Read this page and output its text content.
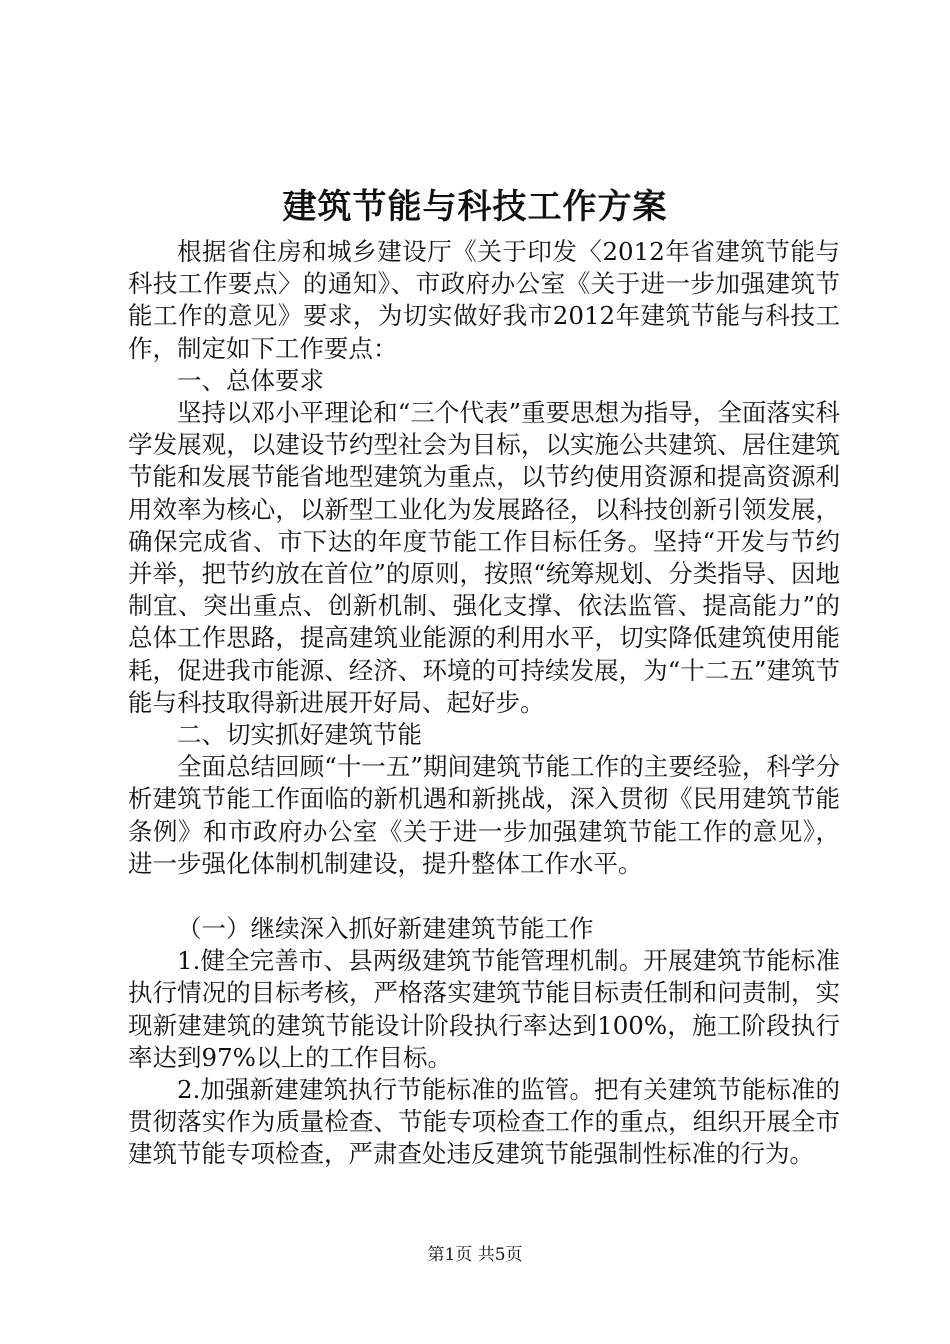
建筑节能与科技工作方案

根据省住房和城乡建设厅《关于印发〈2012年省建筑节能与科技工作要点〉的通知》、市政府办公室《关于进一步加强建筑节能工作的意见》要求，为切实做好我市2012年建筑节能与科技工作，制定如下工作要点：

一、总体要求

坚持以邓小平理论和“三个代表”重要思想为指导，全面落实科学发展观，以建设节约型社会为目标，以实施公共建筑、居住建筑节能和发展节能省地型建筑为重点，以节约使用资源和提高资源利用效率为核心，以新型工业化为发展路径，以科技创新引领发展，确保完成省、市下达的年度节能工作目标任务。坚持“开发与节约并举，把节约放在首位”的原则，按照“统筹规划、分类指导、因地制宜、突出重点、创新机制、强化支撑、依法监管、提高能力”的总体工作思路，提高建筑业能源的利用水平，切实降低建筑使用能耗，促进我市能源、经济、环境的可持续发展，为“十二五”建筑节能与科技取得新进展开好局、起好步。

二、切实抓好建筑节能

全面总结回顾“十一五”期间建筑节能工作的主要经验，科学分析建筑节能工作面临的新机遇和新挑战，深入贯彻《民用建筑节能条例》和市政府办公室《关于进一步加强建筑节能工作的意见》，进一步强化体制机制建设，提升整体工作水平。

（一）继续深入抓好新建建筑节能工作

1.健全完善市、县两级建筑节能管理机制。开展建筑节能标准执行情况的目标考核，严格落实建筑节能目标责任制和问责制，实现新建建筑的建筑节能设计阶段执行率达到100%，施工阶段执行率达到97%以上的工作目标。

2.加强新建建筑执行节能标准的监管。把有关建筑节能标准的贯彻落实作为质量检查、节能专项检查工作的重点，组织开展全市建筑节能专项检查，严肃查处违反建筑节能强制性标准的行为。

第1页 共5页
